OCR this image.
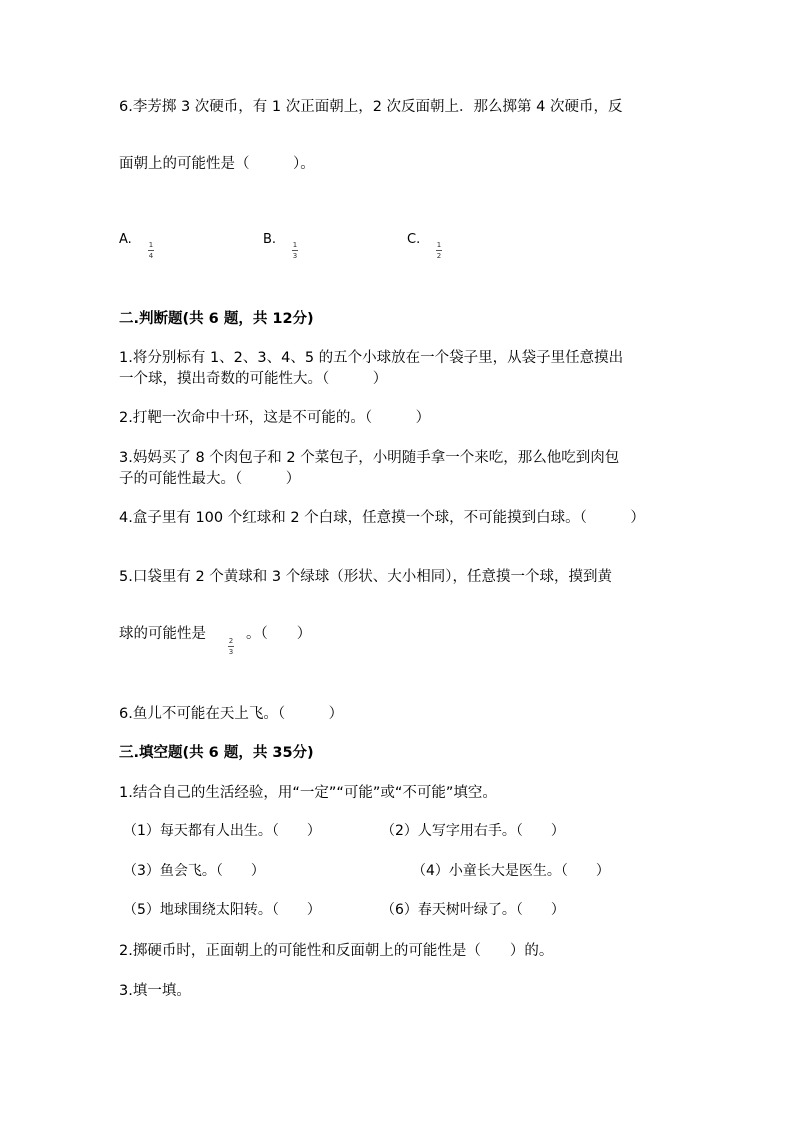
6.李芳掷 3 次硬币，有 1 次正面朝上，2 次反面朝上．那么掷第 4 次硬币，反
面朝上的可能性是（　　　）。
A. 1
4
B. 1
3
C. 1
2
二.判断题(共 6 题，共 12分)
1.将分别标有 1、2、3、4、5 的五个小球放在一个袋子里，从袋子里任意摸出
一个球，摸出奇数的可能性大。（　　　）
2.打靶一次命中十环，这是不可能的。（　　　）
3.妈妈买了 8 个肉包子和 2 个菜包子，小明随手拿一个来吃，那么他吃到肉包
子的可能性最大。（　　　）
4.盒子里有 100 个红球和 2 个白球，任意摸一个球，不可能摸到白球。（　　　）
5.口袋里有 2 个黄球和 3 个绿球（形状、大小相同），任意摸一个球，摸到黄
球的可能性是	2
3
。（　　）
6.鱼儿不可能在天上飞。（　　　）
三.填空题(共 6 题，共 35分)
1.结合自己的生活经验，用“一定”“可能”或“不可能”填空。
（1）每天都有人出生。（　　）	（2）人写字用右手。（　　）
（3）鱼会飞。（　　）	（4）小童长大是医生。（　　）
（5）地球围绕太阳转。（　　）	（6）春天树叶绿了。（　　）
2.掷硬币时，正面朝上的可能性和反面朝上的可能性是（　　）的。
3.填一填。
